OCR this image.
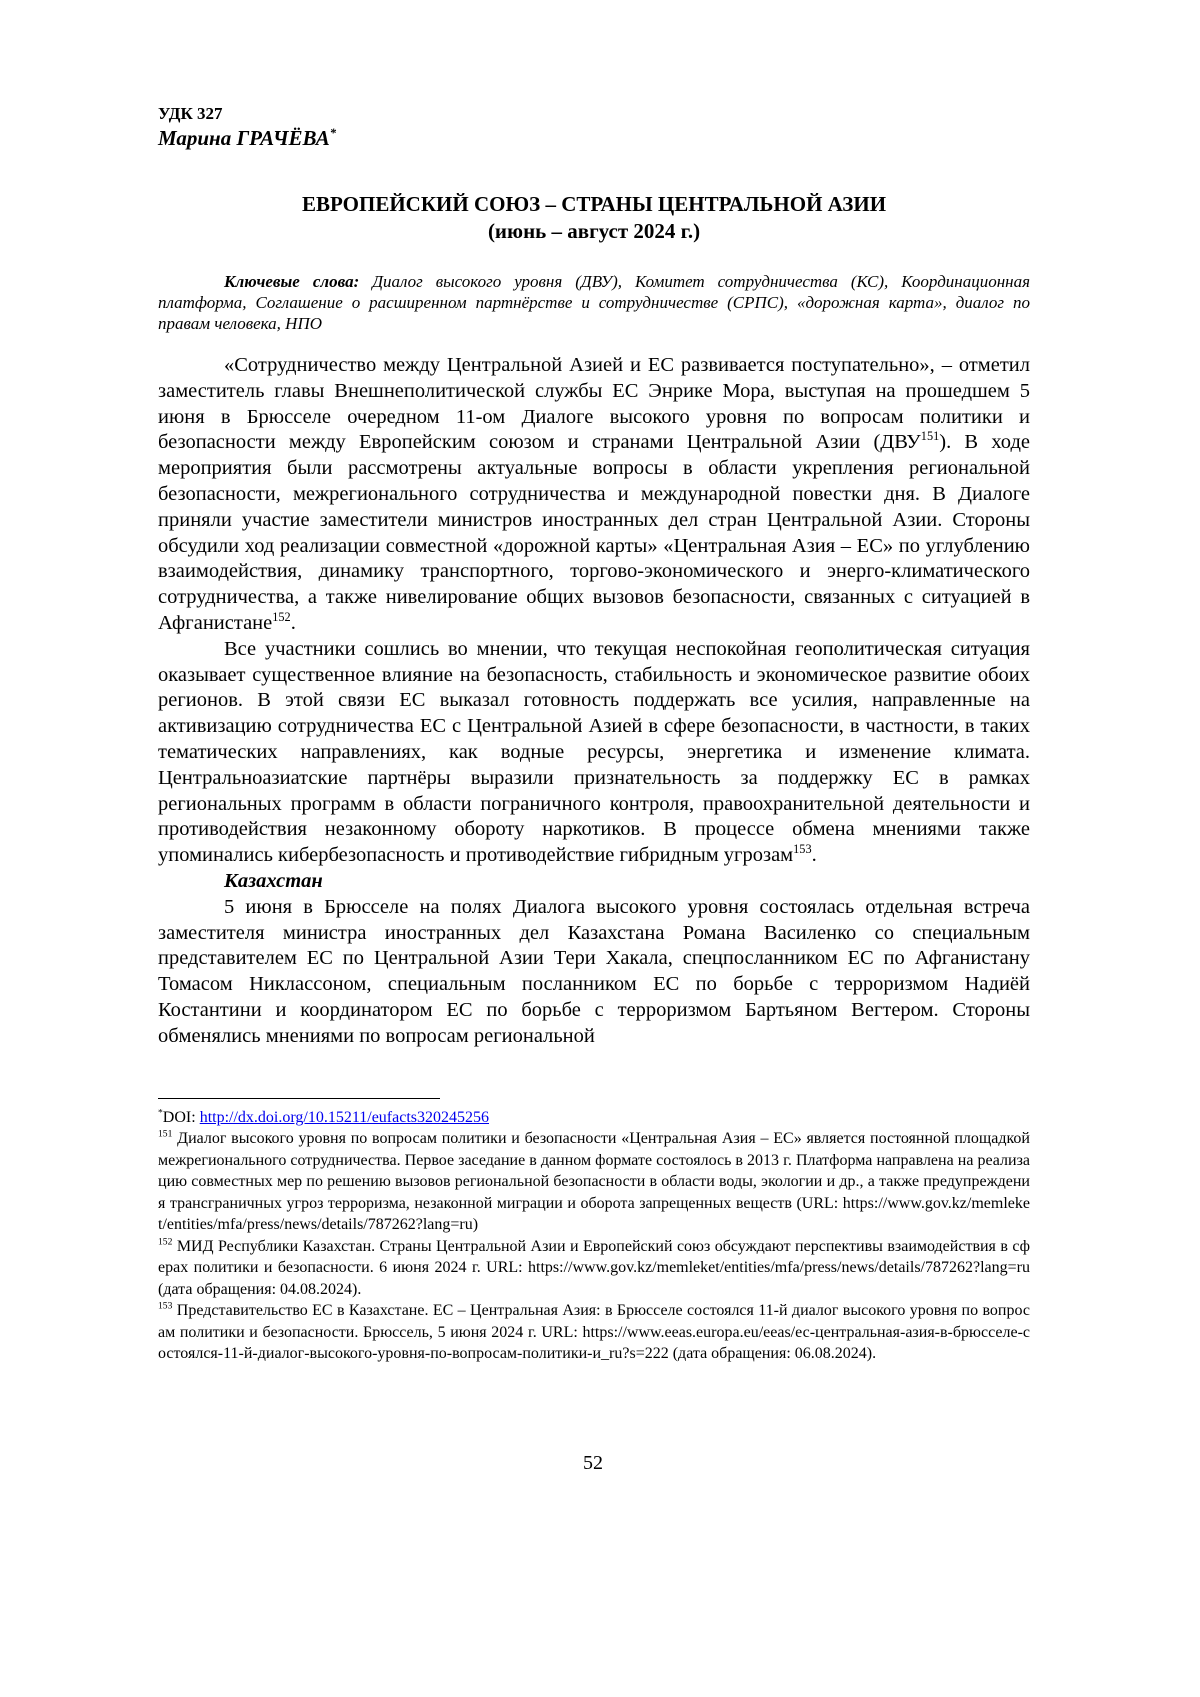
УДК 327
Марина ГРАЧЁВА*
ЕВРОПЕЙСКИЙ СОЮЗ – СТРАНЫ ЦЕНТРАЛЬНОЙ АЗИИ
(июнь – август 2024 г.)
Ключевые слова: Диалог высокого уровня (ДВУ), Комитет сотрудничества (КС), Координационная платформа, Соглашение о расширенном партнёрстве и сотрудничестве (СРПС), «дорожная карта», диалог по правам человека, НПО

«Сотрудничество между Центральной Азией и ЕС развивается поступательно», – отметил заместитель главы Внешнеполитической службы ЕС Энрике Мора, выступая на прошедшем 5 июня в Брюсселе очередном 11-ом Диалоге высокого уровня по вопросам политики и безопасности между Европейским союзом и странами Центральной Азии (ДВУ$^{151}$). В ходе мероприятия были рассмотрены актуальные вопросы в области укрепления региональной безопасности, межрегионального сотрудничества и международной повестки дня. В Диалоге приняли участие заместители министров иностранных дел стран Центральной Азии. Стороны обсудили ход реализации совместной «дорожной карты» «Центральная Азия – ЕС» по углублению взаимодействия, динамику транспортного, торгово-экономического и энерго-климатического сотрудничества, а также нивелирование общих вызовов безопасности, связанных с ситуацией в Афганистане$^{152}$.

Все участники сошлись во мнении, что текущая неспокойная геополитическая ситуация оказывает существенное влияние на безопасность, стабильность и экономическое развитие обоих регионов. В этой связи ЕС выказал готовность поддержать все усилия, направленные на активизацию сотрудничества ЕС с Центральной Азией в сфере безопасности, в частности, в таких тематических направлениях, как водные ресурсы, энергетика и изменение климата. Центральноазиатские партнёры выразили признательность за поддержку ЕС в рамках региональных программ в области пограничного контроля, правоохранительной деятельности и противодействия незаконному обороту наркотиков. В процессе обмена мнениями также упоминались кибербезопасность и противодействие гибридным угрозам$^{153}$.

Казахстан

5 июня в Брюсселе на полях Диалога высокого уровня состоялась отдельная встреча заместителя министра иностранных дел Казахстана Романа Василенко со специальным представителем ЕС по Центральной Азии Тери Хакала, спецпосланником ЕС по Афганистану Томасом Никлассоном, специальным посланником ЕС по борьбе с терроризмом Надиёй Костантини и координатором ЕС по борьбе с терроризмом Бартьяном Вегтером. Стороны обменялись мнениями по вопросам региональной

*DOI: http://dx.doi.org/10.15211/eufacts320245256

$^{151}$ Диалог высокого уровня по вопросам политики и безопасности «Центральная Азия – ЕС» является постоянной площадкой межрегионального сотрудничества. Первое заседание в данном формате состоялось в 2013 г. Платформа направлена на реализацию совместных мер по решению вызовов региональной безопасности в области воды, экологии и др., а также предупреждения трансграничных угроз терроризма, незаконной миграции и оборота запрещенных веществ (URL: https://www.gov.kz/memleket/entities/mfa/press/news/details/787262?lang=ru)

$^{152}$ МИД Республики Казахстан. Страны Центральной Азии и Европейский союз обсуждают перспективы взаимодействия в сферах политики и безопасности. 6 июня 2024 г. URL: https://www.gov.kz/memleket/entities/mfa/press/news/details/787262?lang=ru (дата обращения: 04.08.2024).

$^{153}$ Представительство ЕС в Казахстане. ЕС – Центральная Азия: в Брюсселе состоялся 11-й диалог высокого уровня по вопросам политики и безопасности. Брюссель, 5 июня 2024 г. URL: https://www.eeas.europa.eu/eeas/ес-центральная-азия-в-брюсселе-состоялся-11-й-диалог-высокого-уровня-по-вопросам-политики-и_ru?s=222 (дата обращения: 06.08.2024).

52
